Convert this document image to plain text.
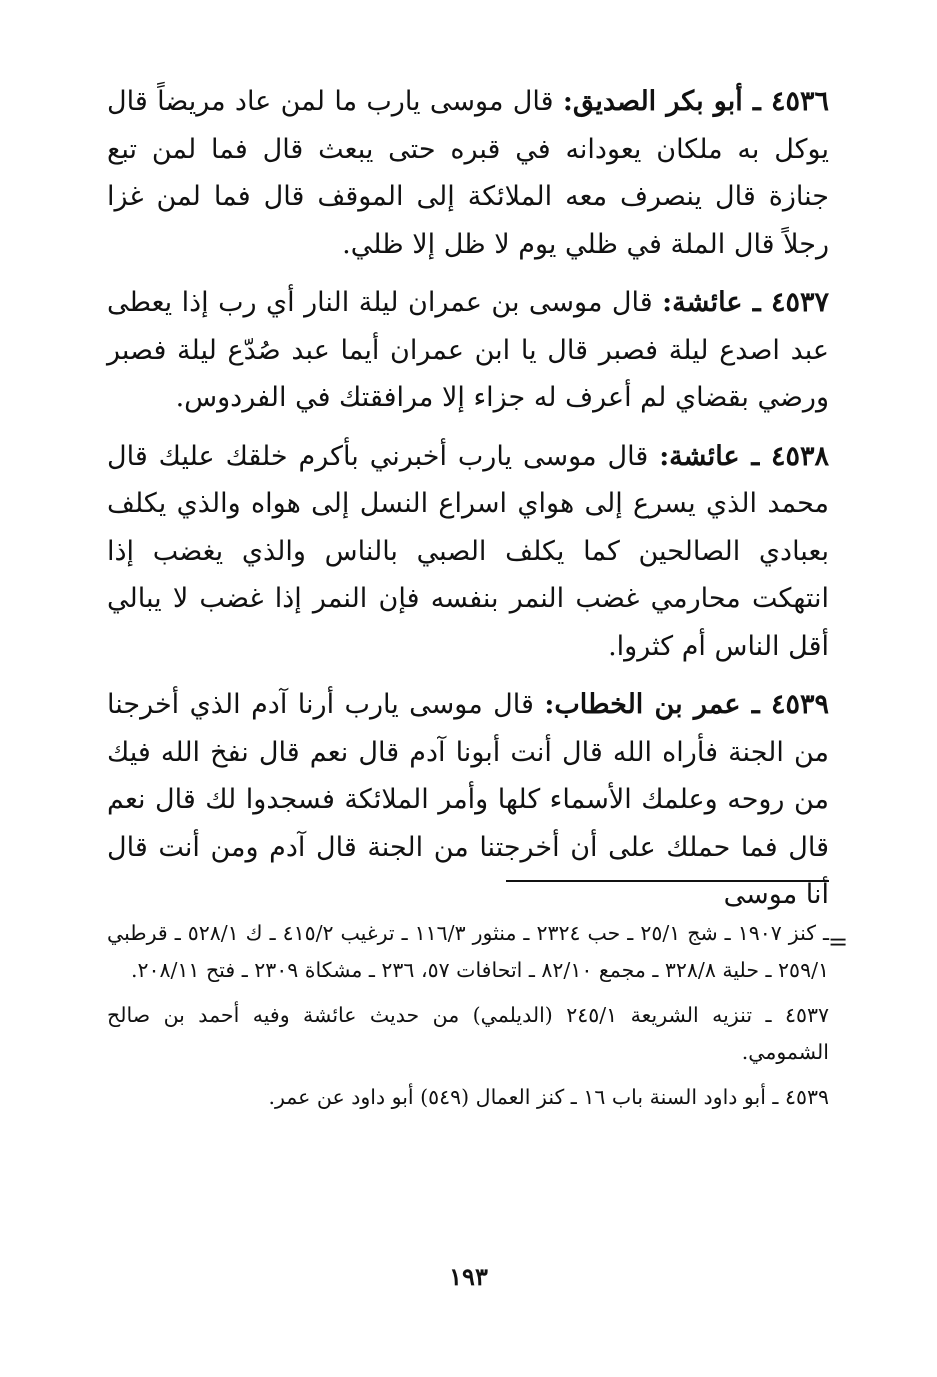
٤٥٣٦ ـ أبو بكر الصديق: قال موسى يارب ما لمن عاد مريضاً قال يوكل به ملكان يعودانه في قبره حتى يبعث قال فما لمن تبع جنازة قال ينصرف معه الملائكة إلى الموقف قال فما لمن غزا رجلاً قال الملة في ظلي يوم لا ظل إلا ظلي.

٤٥٣٧ ـ عائشة: قال موسى بن عمران ليلة النار أي رب إذا يعطى عبد اصدع ليلة فصبر قال يا ابن عمران أيما عبد صُدّع ليلة فصبر ورضي بقضاي لم أعرف له جزاء إلا مرافقتك في الفردوس.

٤٥٣٨ ـ عائشة: قال موسى يارب أخبرني بأكرم خلقك عليك قال محمد الذي يسرع إلى هواي اسراع النسل إلى هواه والذي يكلف بعبادي الصالحين كما يكلف الصبي بالناس والذي يغضب إذا انتهكت محارمي غضب النمر بنفسه فإن النمر إذا غضب لا يبالي أقل الناس أم كثروا.

٤٥٣٩ ـ عمر بن الخطاب: قال موسى يارب أرنا آدم الذي أخرجنا من الجنة فأراه الله قال أنت أبونا آدم قال نعم قال نفخ الله فيك من روحه وعلمك الأسماء كلها وأمر الملائكة فسجدوا لك قال نعم قال فما حملك على أن أخرجتنا من الجنة قال آدم ومن أنت قال أنا موسى

=

ـ كنز ١٩٠٧ ـ شج ٢٥/١ ـ حب ٢٣٢٤ ـ منثور ١١٦/٣ ـ ترغيب ٤١٥/٢ ـ ك ٥٢٨/١ ـ قرطبي ٢٥٩/١ ـ حلية ٣٢٨/٨ ـ مجمع ٨٢/١٠ ـ اتحافات ٥٧، ٢٣٦ ـ مشكاة ٢٣٠٩ ـ فتح ٢٠٨/١١.

٤٥٣٧ ـ تنزيه الشريعة ٢٤٥/١ (الديلمي) من حديث عائشة وفيه أحمد بن صالح الشمومي.

٤٥٣٩ ـ أبو داود السنة باب ١٦ ـ كنز العمال (٥٤٩) أبو داود عن عمر.

١٩٣
